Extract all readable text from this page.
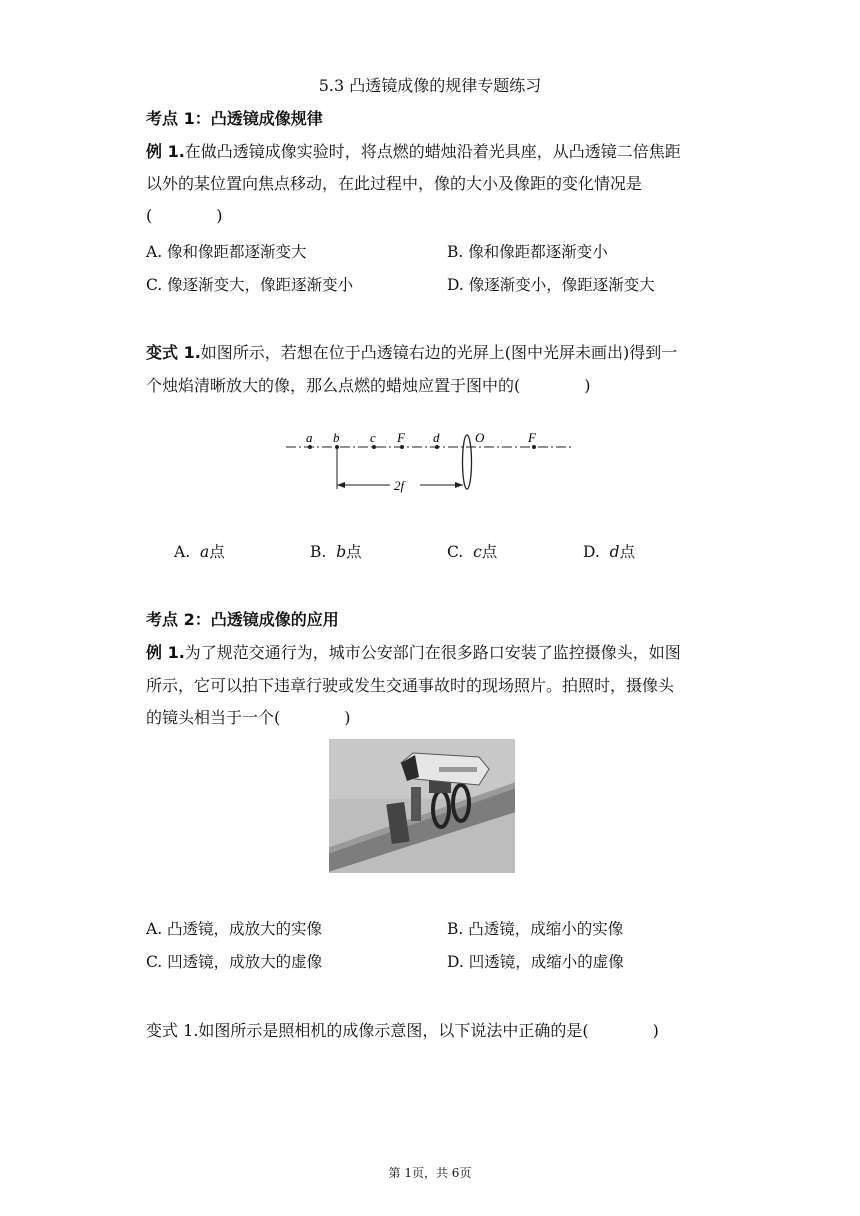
5.3 凸透镜成像的规律专题练习
考点 1：凸透镜成像规律
例 1.在做凸透镜成像实验时，将点燃的蜡烛沿着光具座，从凸透镜二倍焦距
以外的某位置向焦点移动，在此过程中，像的大小及像距的变化情况是
(　　　　)
A. 像和像距都逐渐变大	B. 像和像距都逐渐变小
C. 像逐渐变大，像距逐渐变小	D. 像逐渐变小，像距逐渐变大
变式 1.如图所示，若想在位于凸透镜右边的光屏上(图中光屏未画出)得到一
个烛焰清晰放大的像，那么点燃的蜡烛应置于图中的(　　　　)
a b c F d	O	F
2f
A. a点	B. b点	C. c点	D. d点
考点 2：凸透镜成像的应用
例 1.为了规范交通行为，城市公安部门在很多路口安装了监控摄像头，如图
所示，它可以拍下违章行驶或发生交通事故时的现场照片。拍照时，摄像头
的镜头相当于一个(　　　　)
A. 凸透镜，成放大的实像	B. 凸透镜，成缩小的实像
C. 凹透镜，成放大的虚像	D. 凹透镜，成缩小的虚像
变式 1.如图所示是照相机的成像示意图，以下说法中正确的是(　　　　)
第 1页，共 6页
